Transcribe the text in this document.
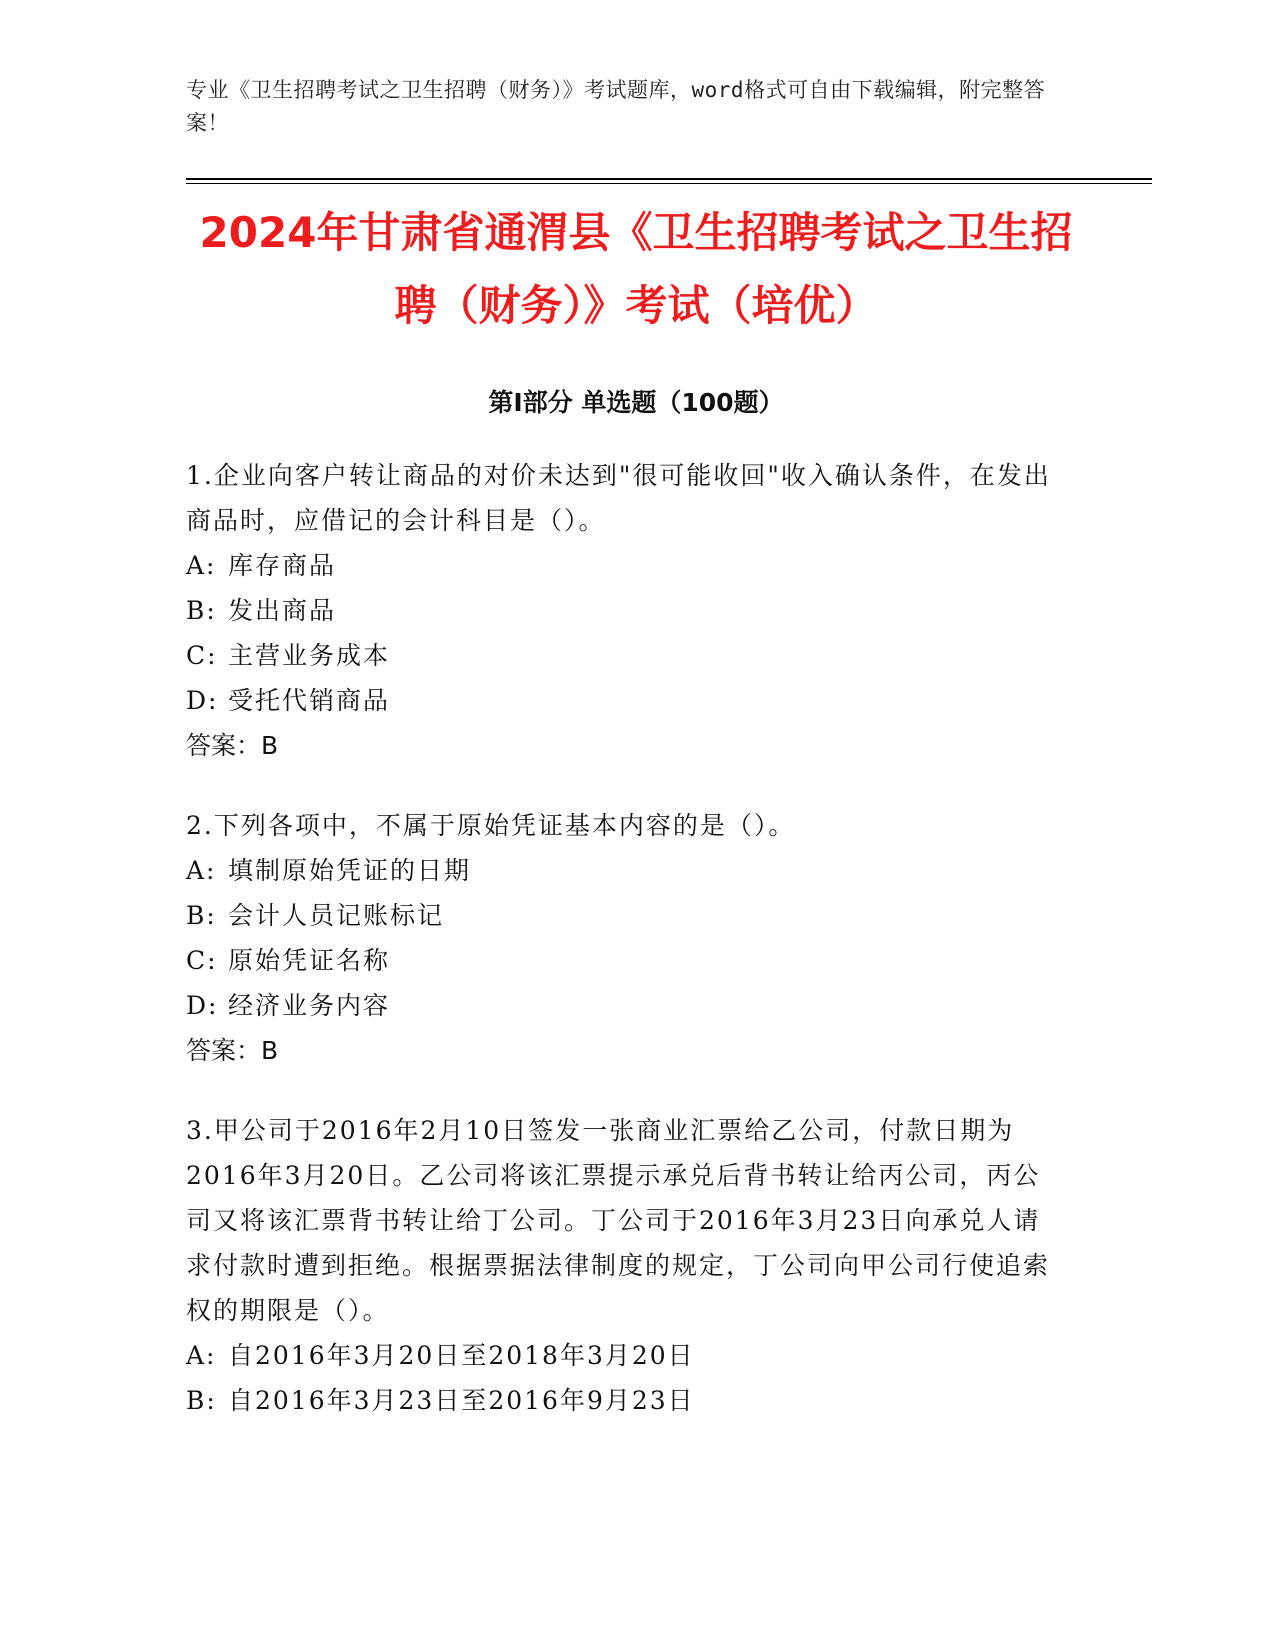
专业《卫生招聘考试之卫生招聘（财务）》考试题库，word格式可自由下载编辑，附完整答案！
2024年甘肃省通渭县《卫生招聘考试之卫生招聘（财务）》考试（培优）
第I部分 单选题（100题）

1.企业向客户转让商品的对价未达到"很可能收回"收入确认条件，在发出商品时，应借记的会计科目是（）。

A: 库存商品

B: 发出商品

C: 主营业务成本

D: 受托代销商品

答案：B

2.下列各项中，不属于原始凭证基本内容的是（）。

A: 填制原始凭证的日期

B: 会计人员记账标记

C: 原始凭证名称

D: 经济业务内容

答案：B

3.甲公司于2016年2月10日签发一张商业汇票给乙公司，付款日期为2016年3月20日。乙公司将该汇票提示承兑后背书转让给丙公司，丙公司又将该汇票背书转让给丁公司。丁公司于2016年3月23日向承兑人请求付款时遭到拒绝。根据票据法律制度的规定，丁公司向甲公司行使追索权的期限是（）。

A: 自2016年3月20日至2018年3月20日

B: 自2016年3月23日至2016年9月23日
